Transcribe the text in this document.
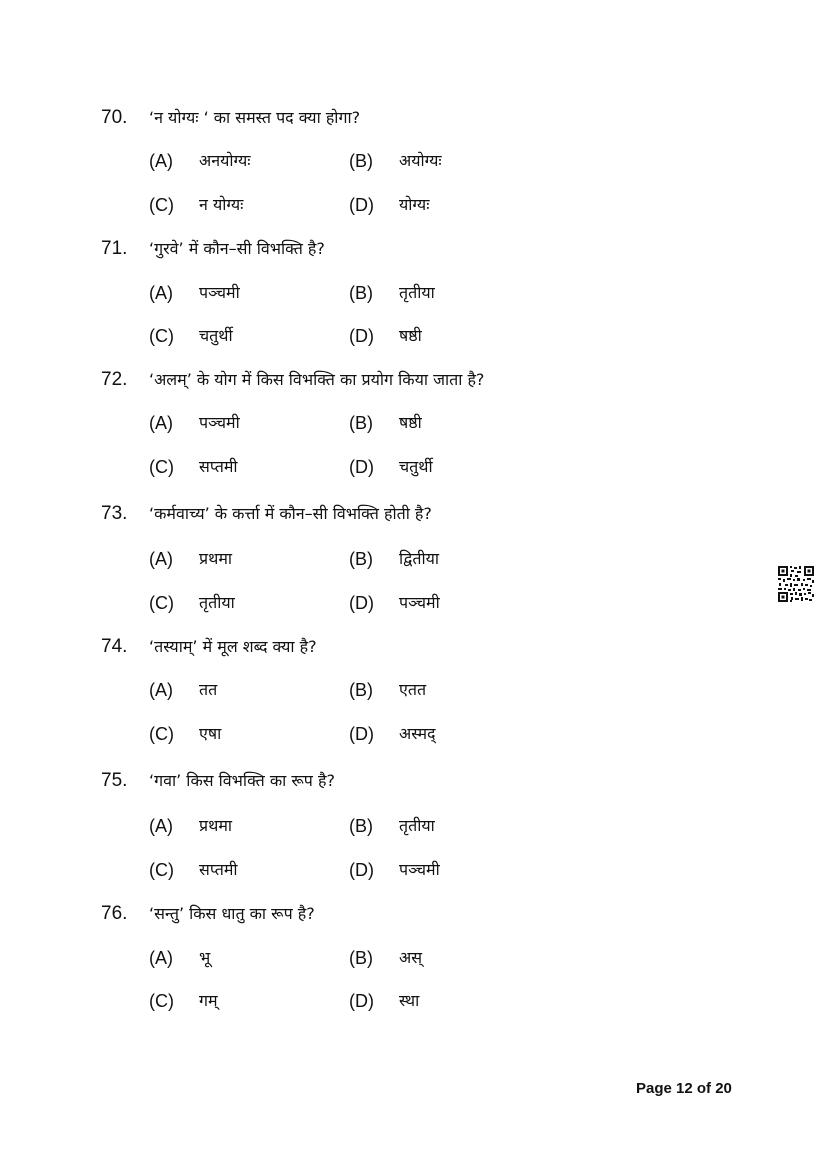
70. ‘न योग्यः ‘ का समस्त पद क्या होगा?
(A) अनयोग्यः	(B) अयोग्यः
(C) न योग्यः	(D) योग्यः
71. ‘गुरवे’ में कौन–सी विभक्ति है?
(A) पञ्चमी	(B) तृतीया
(C) चतुर्थी	(D) षष्ठी
72. ‘अलम्’ के योग में किस विभक्ति का प्रयोग किया जाता है?
(A) पञ्चमी	(B) षष्ठी
(C) सप्तमी	(D) चतुर्थी
73. ‘कर्मवाच्य’ के कर्त्ता में कौन–सी विभक्ति होती है?
(A) प्रथमा	(B) द्वितीया
(C) तृतीया	(D) पञ्चमी
74. ‘तस्याम्’ में मूल शब्द क्या है?
(A) तत	(B) एतत
(C) एषा	(D) अस्मद्
75. ‘गवा’ किस विभक्ति का रूप है?
(A) प्रथमा	(B) तृतीया
(C) सप्तमी	(D) पञ्चमी
76. ‘सन्तु’ किस धातु का रूप है?
(A) भू	(B) अस्
(C) गम्	(D) स्था
Page 12 of 20
